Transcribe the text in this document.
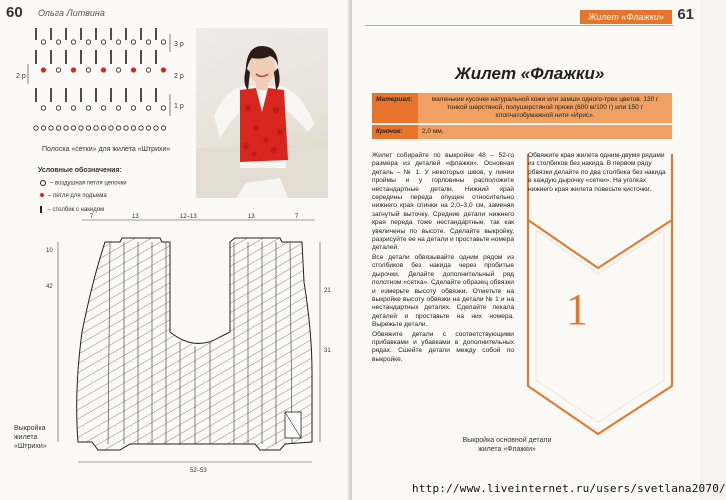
60 Ольга Литвина
3 р
2 р
1 р
2 р
Полоска «сетки» для жилета «Штрихи»
Условные обозначения:
– воздушная петля цепочки
– петля для подъема
– столбик с накидом
7	13	12–13	13	7
10
42
21
31
52–53
Выкройка
жилета
«Штрихи»
61
Жилет «Флажки»
Жилет «Флажки»
Материал:	маленькие кусочки натуральной кожи или замши одного-трех цветов. 130 г тонкой шерстяной, полушерстяной пряжи (600 м/100 г) или 150 г хлопчатобумажной нити «Ирис».
Крючок:	2,0 мм.

Жилет собирайте по выкройке 48 – 52-го размера из деталей «флажки». Основная деталь – № 1. У некоторых швов, у линии проймы и у горловины расположите нестандартные детали. Нижний край середины переда опущен относительно нижнего края спинки на 2,0–3,0 см, заменяя загнутый выточку. Средние детали нижнего края переда тоже нестандартные, так как увеличены по высоте. Сделайте выкройку, разрисуйте ее на детали и проставьте номера деталей.

Все детали обвязывайте одним рядом из столбиков без накида через пробитые дырочки. Делайте дополнительный ряд полотном «сетка». Сделайте образец обвязки и измерьте высоту обвязки. Отметьте на выкройке высоту обвязки на детали № 1 и на нестандартных деталях. Сделайте лекала деталей и проставьте на них номера. Вырежьте детали.

Обвяжите детали с соответствующими прибавками и убавками в дополнительных рядах. Сшейте детали между собой по выкройке.

Обвяжите края жилета одним-двумя рядами из столбиков без накида. В первом ряду обвязки делайте по два столбика без накида в каждую дырочку «сетки». На уголках нижнего края жилета повесьте кисточки.
1
Выкройка основной детали
жилета «Флажки»
http://www.liveinternet.ru/users/svetlana2070/
